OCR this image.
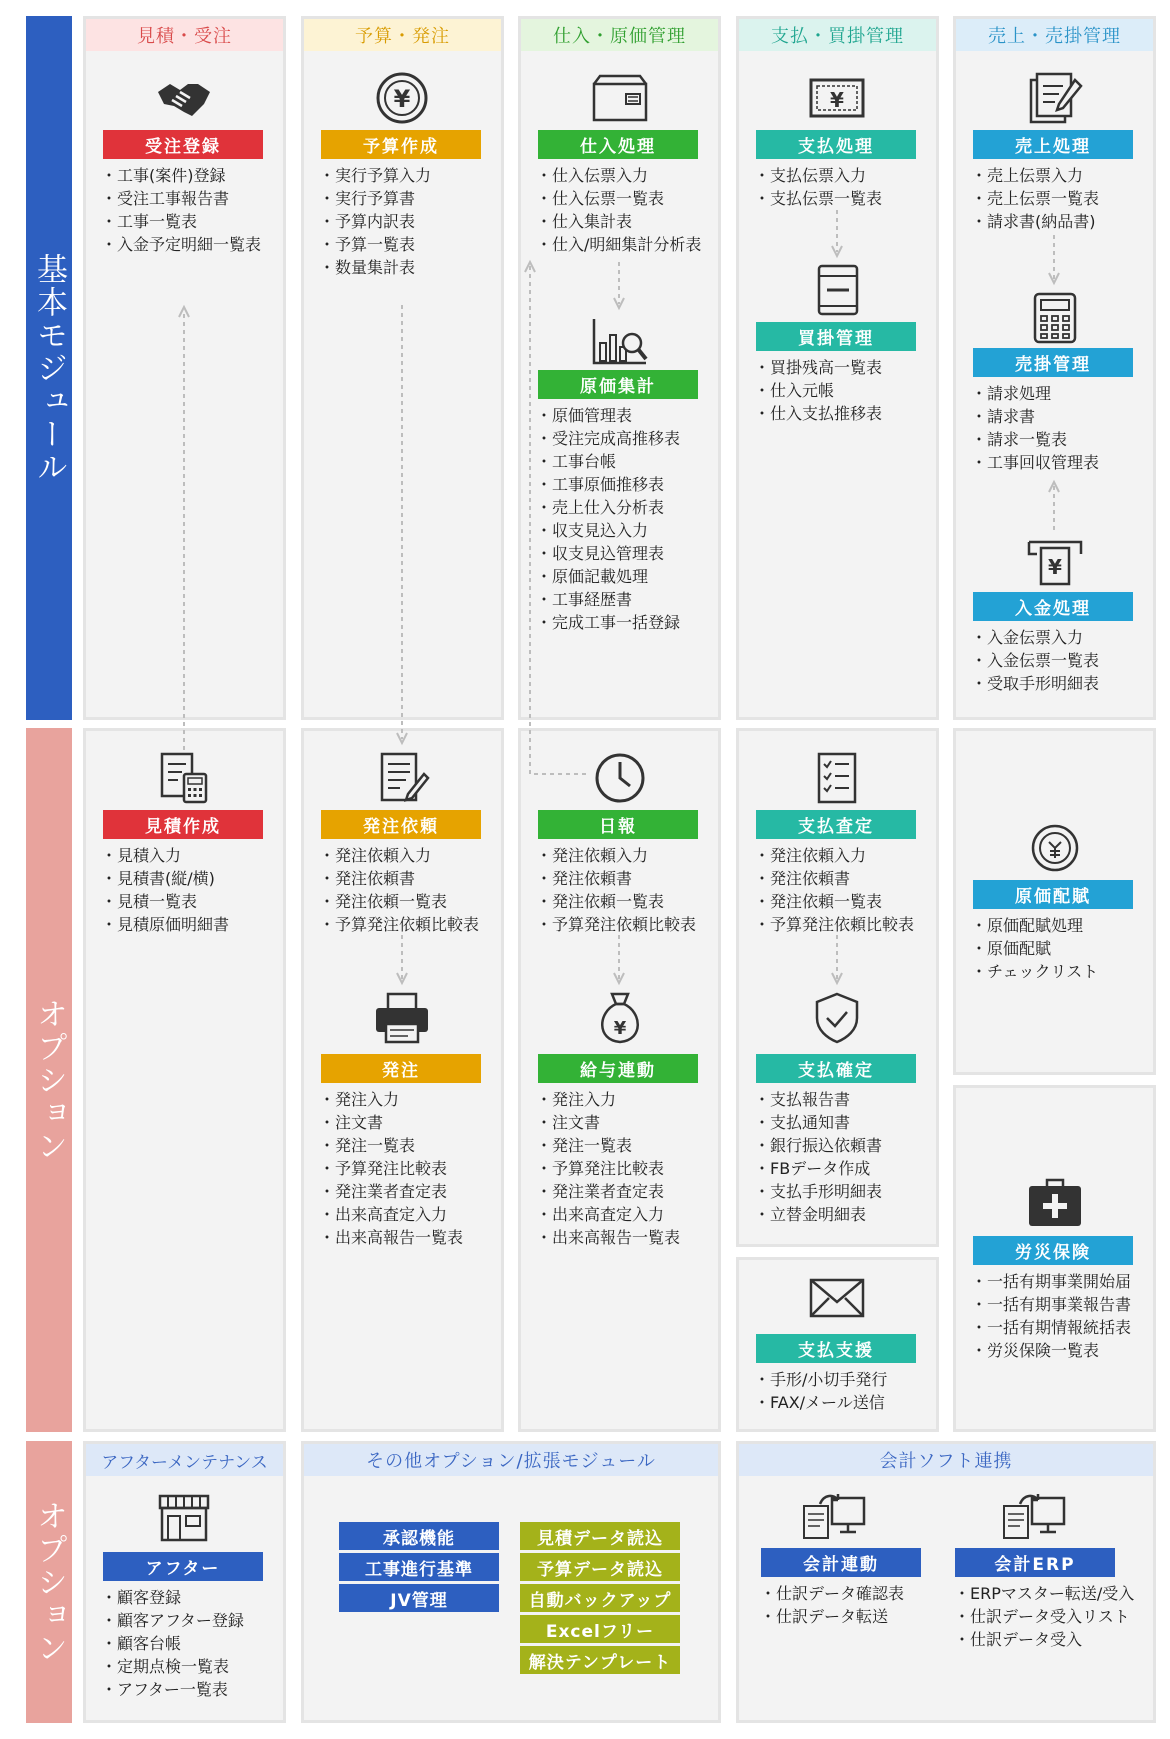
基本モジュール
オプション
オプション
見積・受注	予算・発注	仕入・原価管理	支払・買掛管理	売上・売掛管理
アフターメンテナンス	その他オプション/拡張モジュール	会計ソフト連携
¥	¥
¥
¥
受注登録
・ 工事(案件)登録
・ 受注工事報告書
・ 工事一覧表
・ 入金予定明細一覧表
予算作成
・ 実行予算入力
・ 実行予算書
・ 予算内訳表
・ 予算一覧表
・ 数量集計表
仕入処理
・ 仕入伝票入力
・ 仕入伝票一覧表
・ 仕入集計表
・ 仕入/明細集計分析表
原価集計
・ 原価管理表
・ 受注完成高推移表
・ 工事台帳
・ 工事原価推移表
・ 売上仕入分析表
・ 収支見込入力
・ 収支見込管理表
・ 原価記載処理
・ 工事経歴書
・ 完成工事一括登録
支払処理
・ 支払伝票入力
・ 支払伝票一覧表
買掛管理
・ 買掛残高一覧表
・ 仕入元帳
・ 仕入支払推移表
売上処理
・ 売上伝票入力
・ 売上伝票一覧表
・ 請求書(納品書)
売掛管理
・ 請求処理
・ 請求書
・ 請求一覧表
・ 工事回収管理表
入金処理
・ 入金伝票入力
・ 入金伝票一覧表
・ 受取手形明細表
見積作成
・ 見積入力
・ 見積書(縦/横)
・ 見積一覧表
・ 見積原価明細書
発注依頼
・ 発注依頼入力
・ 発注依頼書
・ 発注依頼一覧表
・ 予算発注依頼比較表
発注
・ 発注入力
・ 注文書
・ 発注一覧表
・ 予算発注比較表
・ 発注業者査定表
・ 出来高査定入力
・ 出来高報告一覧表
日報
・ 発注依頼入力
・ 発注依頼書
・ 発注依頼一覧表
・ 予算発注依頼比較表
給与連動
・ 発注入力
・ 注文書
・ 発注一覧表
・ 予算発注比較表
・ 発注業者査定表
・ 出来高査定入力
・ 出来高報告一覧表
支払査定
・ 発注依頼入力
・ 発注依頼書
・ 発注依頼一覧表
・ 予算発注依頼比較表
支払確定
・ 支払報告書
・ 支払通知書
・ 銀行振込依頼書
・ FBデータ作成
・ 支払手形明細表
・ 立替金明細表
支払支援
・ 手形/小切手発行
・ FAX/メール送信
原価配賦
・ 原価配賦処理
・ 原価配賦
・ チェックリスト
労災保険
・ 一括有期事業開始届
・ 一括有期事業報告書
・ 一括有期情報統括表
・ 労災保険一覧表
アフター
・ 顧客登録
・ 顧客アフター登録
・ 顧客台帳
・ 定期点検一覧表
・ アフター一覧表
承認機能
工事進行基準
JV管理
見積データ読込
予算データ読込
自動バックアップ
Excelフリー
解決テンプレート
会計連動
・ 仕訳データ確認表
・ 仕訳データ転送
会計ERP
・ ERPマスター転送/受入
・ 仕訳データ受入リスト
・ 仕訳データ受入
